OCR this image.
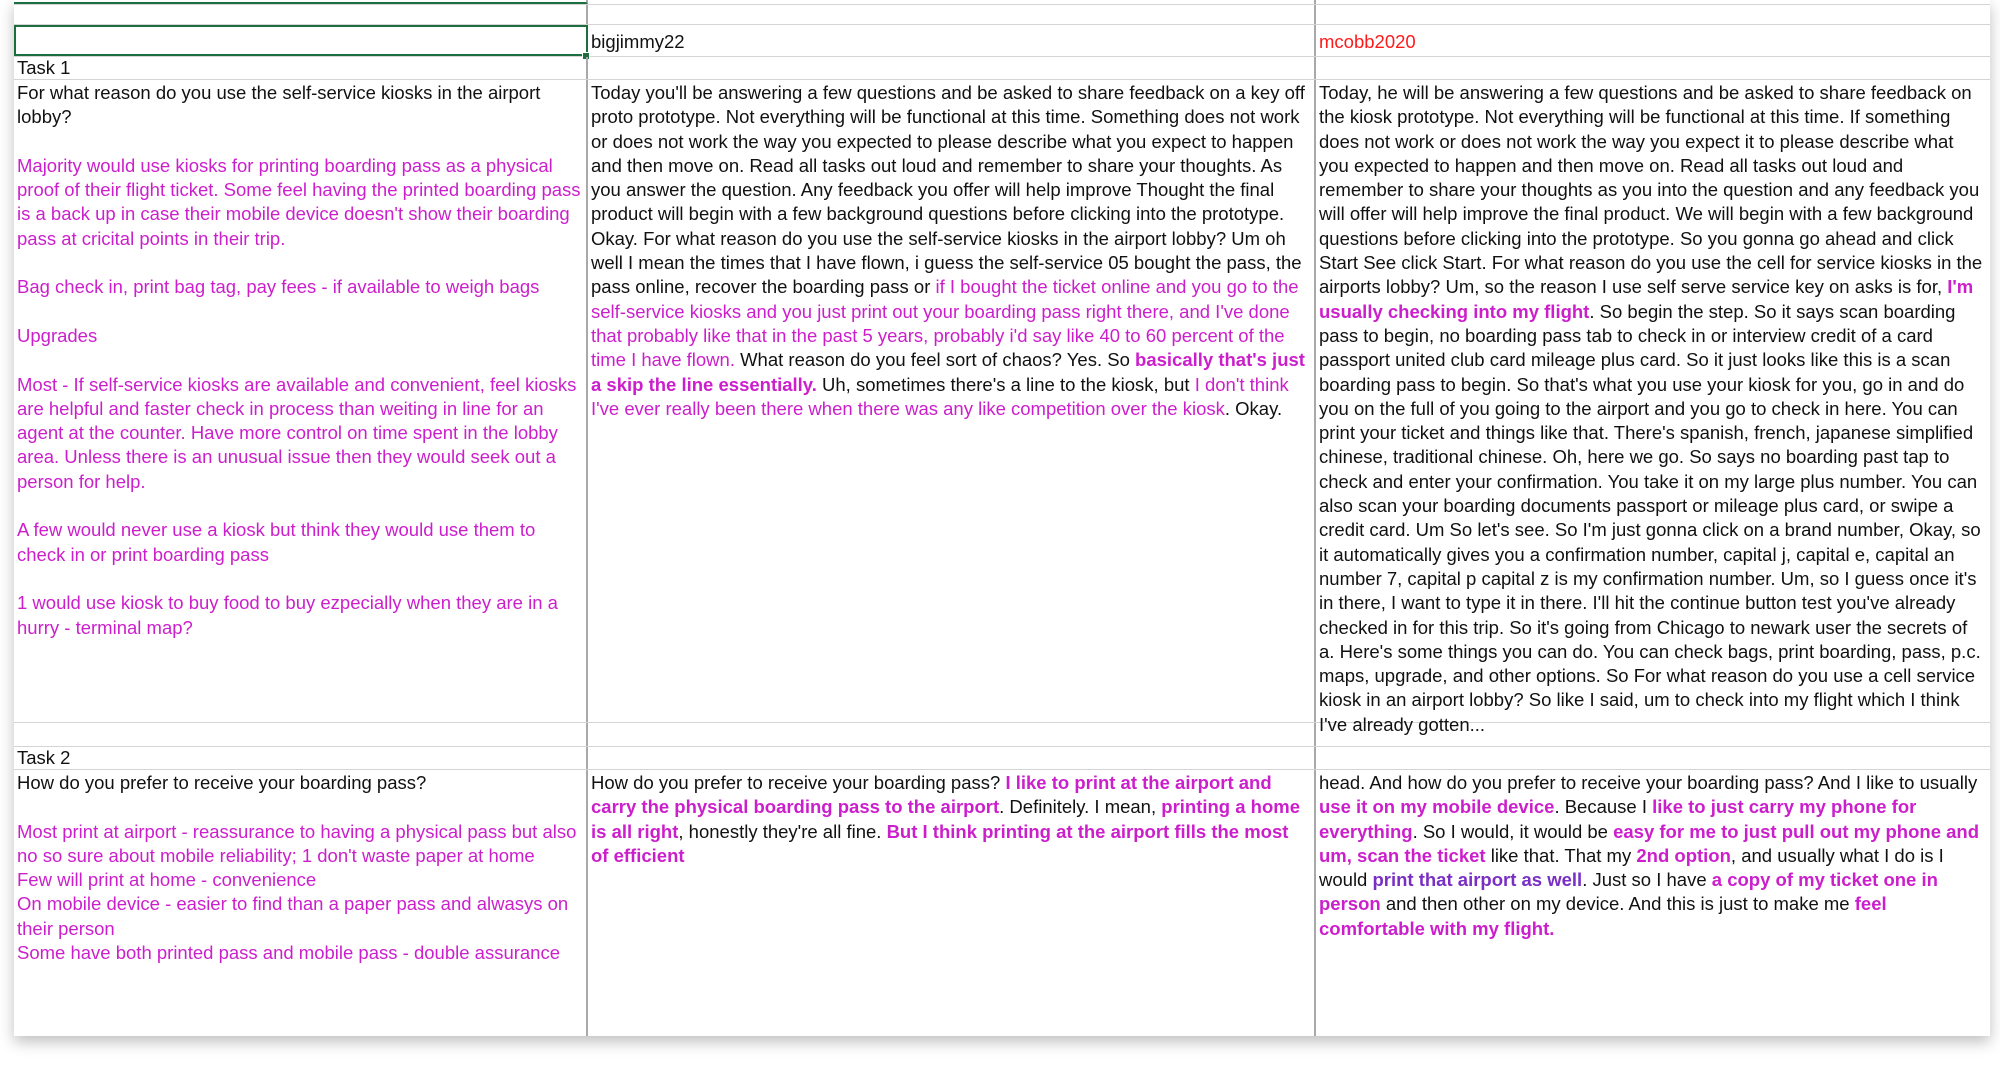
bigjimmy22	mcobb2020
Task 1

For what reason do you use the self-service kiosks in the airport lobby?

Majority would use kiosks for printing boarding pass as a physical proof of their flight ticket. Some feel having the printed boarding pass is a back up in case their mobile device doesn't show their boarding pass at cricital points in their trip.

Bag check in, print bag tag, pay fees - if available to weigh bags

Upgrades

Most - If self-service kiosks are available and convenient, feel kiosks are helpful and faster check in process than weiting in line for an agent at the counter. Have more control on time spent in the lobby area. Unless there is an unusual issue then they would seek out a person for help.

A few would never use a kiosk but think they would use them to check in or print boarding pass

1 would use kiosk to buy food to buy ezpecially when they are in a hurry - terminal map?

Today you'll be answering a few questions and be asked to share feedback on a key off proto prototype. Not everything will be functional at this time. Something does not work or does not work the way you expected to please describe what you expect to happen and then move on. Read all tasks out loud and remember to share your thoughts. As you answer the question. Any feedback you offer will help improve Thought the final product will begin with a few background questions before clicking into the prototype. Okay. For what reason do you use the self-service kiosks in the airport lobby? Um oh well I mean the times that I have flown, i guess the self-service 05 bought the pass, the pass online, recover the boarding pass or if I bought the ticket online and you go to the self-service kiosks and you just print out your boarding pass right there, and I've done that probably like that in the past 5 years, probably i'd say like 40 to 60 percent of the time I have flown. What reason do you feel sort of chaos? Yes. So basically that's just a skip the line essentially. Uh, sometimes there's a line to the kiosk, but I don't think I've ever really been there when there was any like competition over the kiosk. Okay.
Today, he will be answering a few questions and be asked to share feedback on the kiosk prototype. Not everything will be functional at this time. If something does not work or does not work the way you expect it to please describe what you expected to happen and then move on. Read all tasks out loud and remember to share your thoughts as you into the question and any feedback you will offer will help improve the final product. We will begin with a few background questions before clicking into the prototype. So you gonna go ahead and click Start See click Start. For what reason do you use the cell for service kiosks in the airports lobby? Um, so the reason I use self serve service key on asks is for, I'm usually checking into my flight. So begin the step. So it says scan boarding pass to begin, no boarding pass tab to check in or interview credit of a card passport united club card mileage plus card. So it just looks like this is a scan boarding pass to begin. So that's what you use your kiosk for you, go in and do you on the full of you going to the airport and you go to check in here. You can print your ticket and things like that. There's spanish, french, japanese simplified chinese, traditional chinese. Oh, here we go. So says no boarding past tap to check and enter your confirmation. You take it on my large plus number. You can also scan your boarding documents passport or mileage plus card, or swipe a credit card. Um So let's see. So I'm just gonna click on a brand number, Okay, so it automatically gives you a confirmation number, capital j, capital e, capital an number 7, capital p capital z is my confirmation number. Um, so I guess once it's in there, I want to type it in there. I'll hit the continue button test you've already checked in for this trip. So it's going from Chicago to newark user the secrets of a. Here's some things you can do. You can check bags, print boarding, pass, p.c. maps, upgrade, and other options. So For what reason do you use a cell service kiosk in an airport lobby? So like I said, um to check into my flight which I think I've already gotten...
Task 2

How do you prefer to receive your boarding pass?

Most print at airport - reassurance to having a physical pass but also no so sure about mobile reliability; 1 don't waste paper at home

Few will print at home - convenience

On mobile device - easier to find than a paper pass and alwasys on their person

Some have both printed pass and mobile pass - double assurance

How do you prefer to receive your boarding pass? I like to print at the airport and carry the physical boarding pass to the airport. Definitely. I mean, printing a home is all right, honestly they're all fine. But I think printing at the airport fills the most of efficient
head. And how do you prefer to receive your boarding pass? And I like to usually use it on my mobile device. Because I like to just carry my phone for everything. So I would, it would be easy for me to just pull out my phone and um, scan the ticket like that. That my 2nd option, and usually what I do is I would print that airport as well. Just so I have a copy of my ticket one in person and then other on my device. And this is just to make me feel comfortable with my flight.
